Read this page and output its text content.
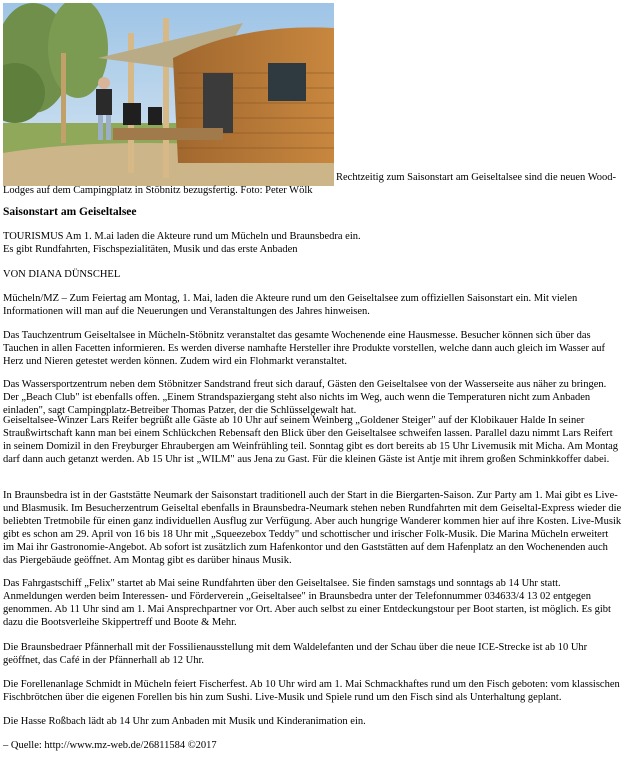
Rechtzeitig zum Saisonstart am Geiseltalsee sind die neuen Wood-
Lodges auf dem Campingplatz in Stöbnitz bezugsfertig. Foto: Peter Wölk
Saisonstart am Geiseltalsee
TOURISMUS Am 1. M.ai laden die Akteure rund um Mücheln und Braunsbedra ein.
Es gibt Rundfahrten, Fischspezialitäten, Musik und das erste Anbaden
VON DIANA DÜNSCHEL
Mücheln/MZ – Zum Feiertag am Montag, 1. Mai, laden die Akteure rund um den Geiseltalsee zum offiziellen Saisonstart ein. Mit vielen
Informationen will man auf die Neuerungen und Veranstaltungen des Jahres hinweisen.
Das Tauchzentrum Geiseltalsee in Mücheln-Stöbnitz veranstaltet das gesamte Wochenende eine Hausmesse. Besucher können sich über das
Tauchen in allen Facetten informieren. Es werden diverse namhafte Hersteller ihre Produkte vorstellen, welche dann auch gleich im Wasser auf
Herz und Nieren getestet werden können. Zudem wird ein Flohmarkt veranstaltet.
Das Wassersportzentrum neben dem Stöbnitzer Sandstrand freut sich darauf, Gästen den Geiseltalsee von der Wasserseite aus näher zu bringen.
Der „Beach Club" ist ebenfalls offen. „Einem Strandspaziergang steht also nichts im Weg, auch wenn die Temperaturen nicht zum Anbaden
einladen", sagt Campingplatz-Betreiber Thomas Patzer, der die Schlüsselgewalt hat.
Geiseltalsee-Winzer Lars Reifer begrüßt alle Gäste ab 10 Uhr auf seinem Weinberg „Goldener Steiger" auf der Klobikauer Halde In seiner
Straußwirtschaft kann man bei einem Schlückchen Rebensaft den Blick über den Geiseltalsee schweifen lassen. Parallel dazu nimmt Lars Reifert
in seinem Domizil in den Freyburger Ehraubergen am Weinfrühling teil. Sonntag gibt es dort bereits ab 15 Uhr Livemusik mit Micha. Am Montag
darf dann auch getanzt werden. Ab 15 Uhr ist „WILM" aus Jena zu Gast. Für die kleinen Gäste ist Antje mit ihrem großen Schminkkoffer dabei.
In Braunsbedra ist in der Gaststätte Neumark der Saisonstart traditionell auch der Start in die Biergarten-Saison. Zur Party am 1. Mai gibt es Live-
und Blasmusik. Im Besucherzentrum Geiseltal ebenfalls in Braunsbedra-Neumark stehen neben Rundfahrten mit dem Geiseltal-Express wieder die
beliebten Tretmobile für einen ganz individuellen Ausflug zur Verfügung. Aber auch hungrige Wanderer kommen hier auf ihre Kosten. Live-Musik
gibt es schon am 29. April von 16 bis 18 Uhr mit „Squeezebox Teddy" und schottischer und irischer Folk-Musik. Die Marina Mücheln erweitert
im Mai ihr Gastronomie-Angebot. Ab sofort ist zusätzlich zum Hafenkontor und den Gaststätten auf dem Hafenplatz an den Wochenenden auch
das Piergebäude geöffnet. Am Montag gibt es darüber hinaus Musik.
Das Fahrgastschiff „Felix" startet ab Mai seine Rundfahrten über den Geiseltalsee. Sie finden samstags und sonntags ab 14 Uhr statt.
Anmeldungen werden beim Interessen- und Förderverein „Geiseltalsee" in Braunsbedra unter der Telefonnummer 034633/4 13 02 entgegen
genommen. Ab 11 Uhr sind am 1. Mai Ansprechpartner vor Ort. Aber auch selbst zu einer Entdeckungstour per Boot starten, ist möglich. Es gibt
dazu die Bootsverleihe Skippertreff und Boote & Mehr.
Die Braunsbedraer Pfännerhall mit der Fossilienausstellung mit dem Waldelefanten und der Schau über die neue ICE-Strecke ist ab 10 Uhr
geöffnet, das Café in der Pfännerhall ab 12 Uhr.
Die Forellenanlage Schmidt in Mücheln feiert Fischerfest. Ab 10 Uhr wird am 1. Mai Schmackhaftes rund um den Fisch geboten: vom klassischen
Fischbrötchen über die eigenen Forellen bis hin zum Sushi. Live-Musik und Spiele rund um den Fisch sind als Unterhaltung geplant.
Die Hasse Roßbach lädt ab 14 Uhr zum Anbaden mit Musik und Kinderanimation ein.
– Quelle: http://www.mz-web.de/26811584 ©2017
